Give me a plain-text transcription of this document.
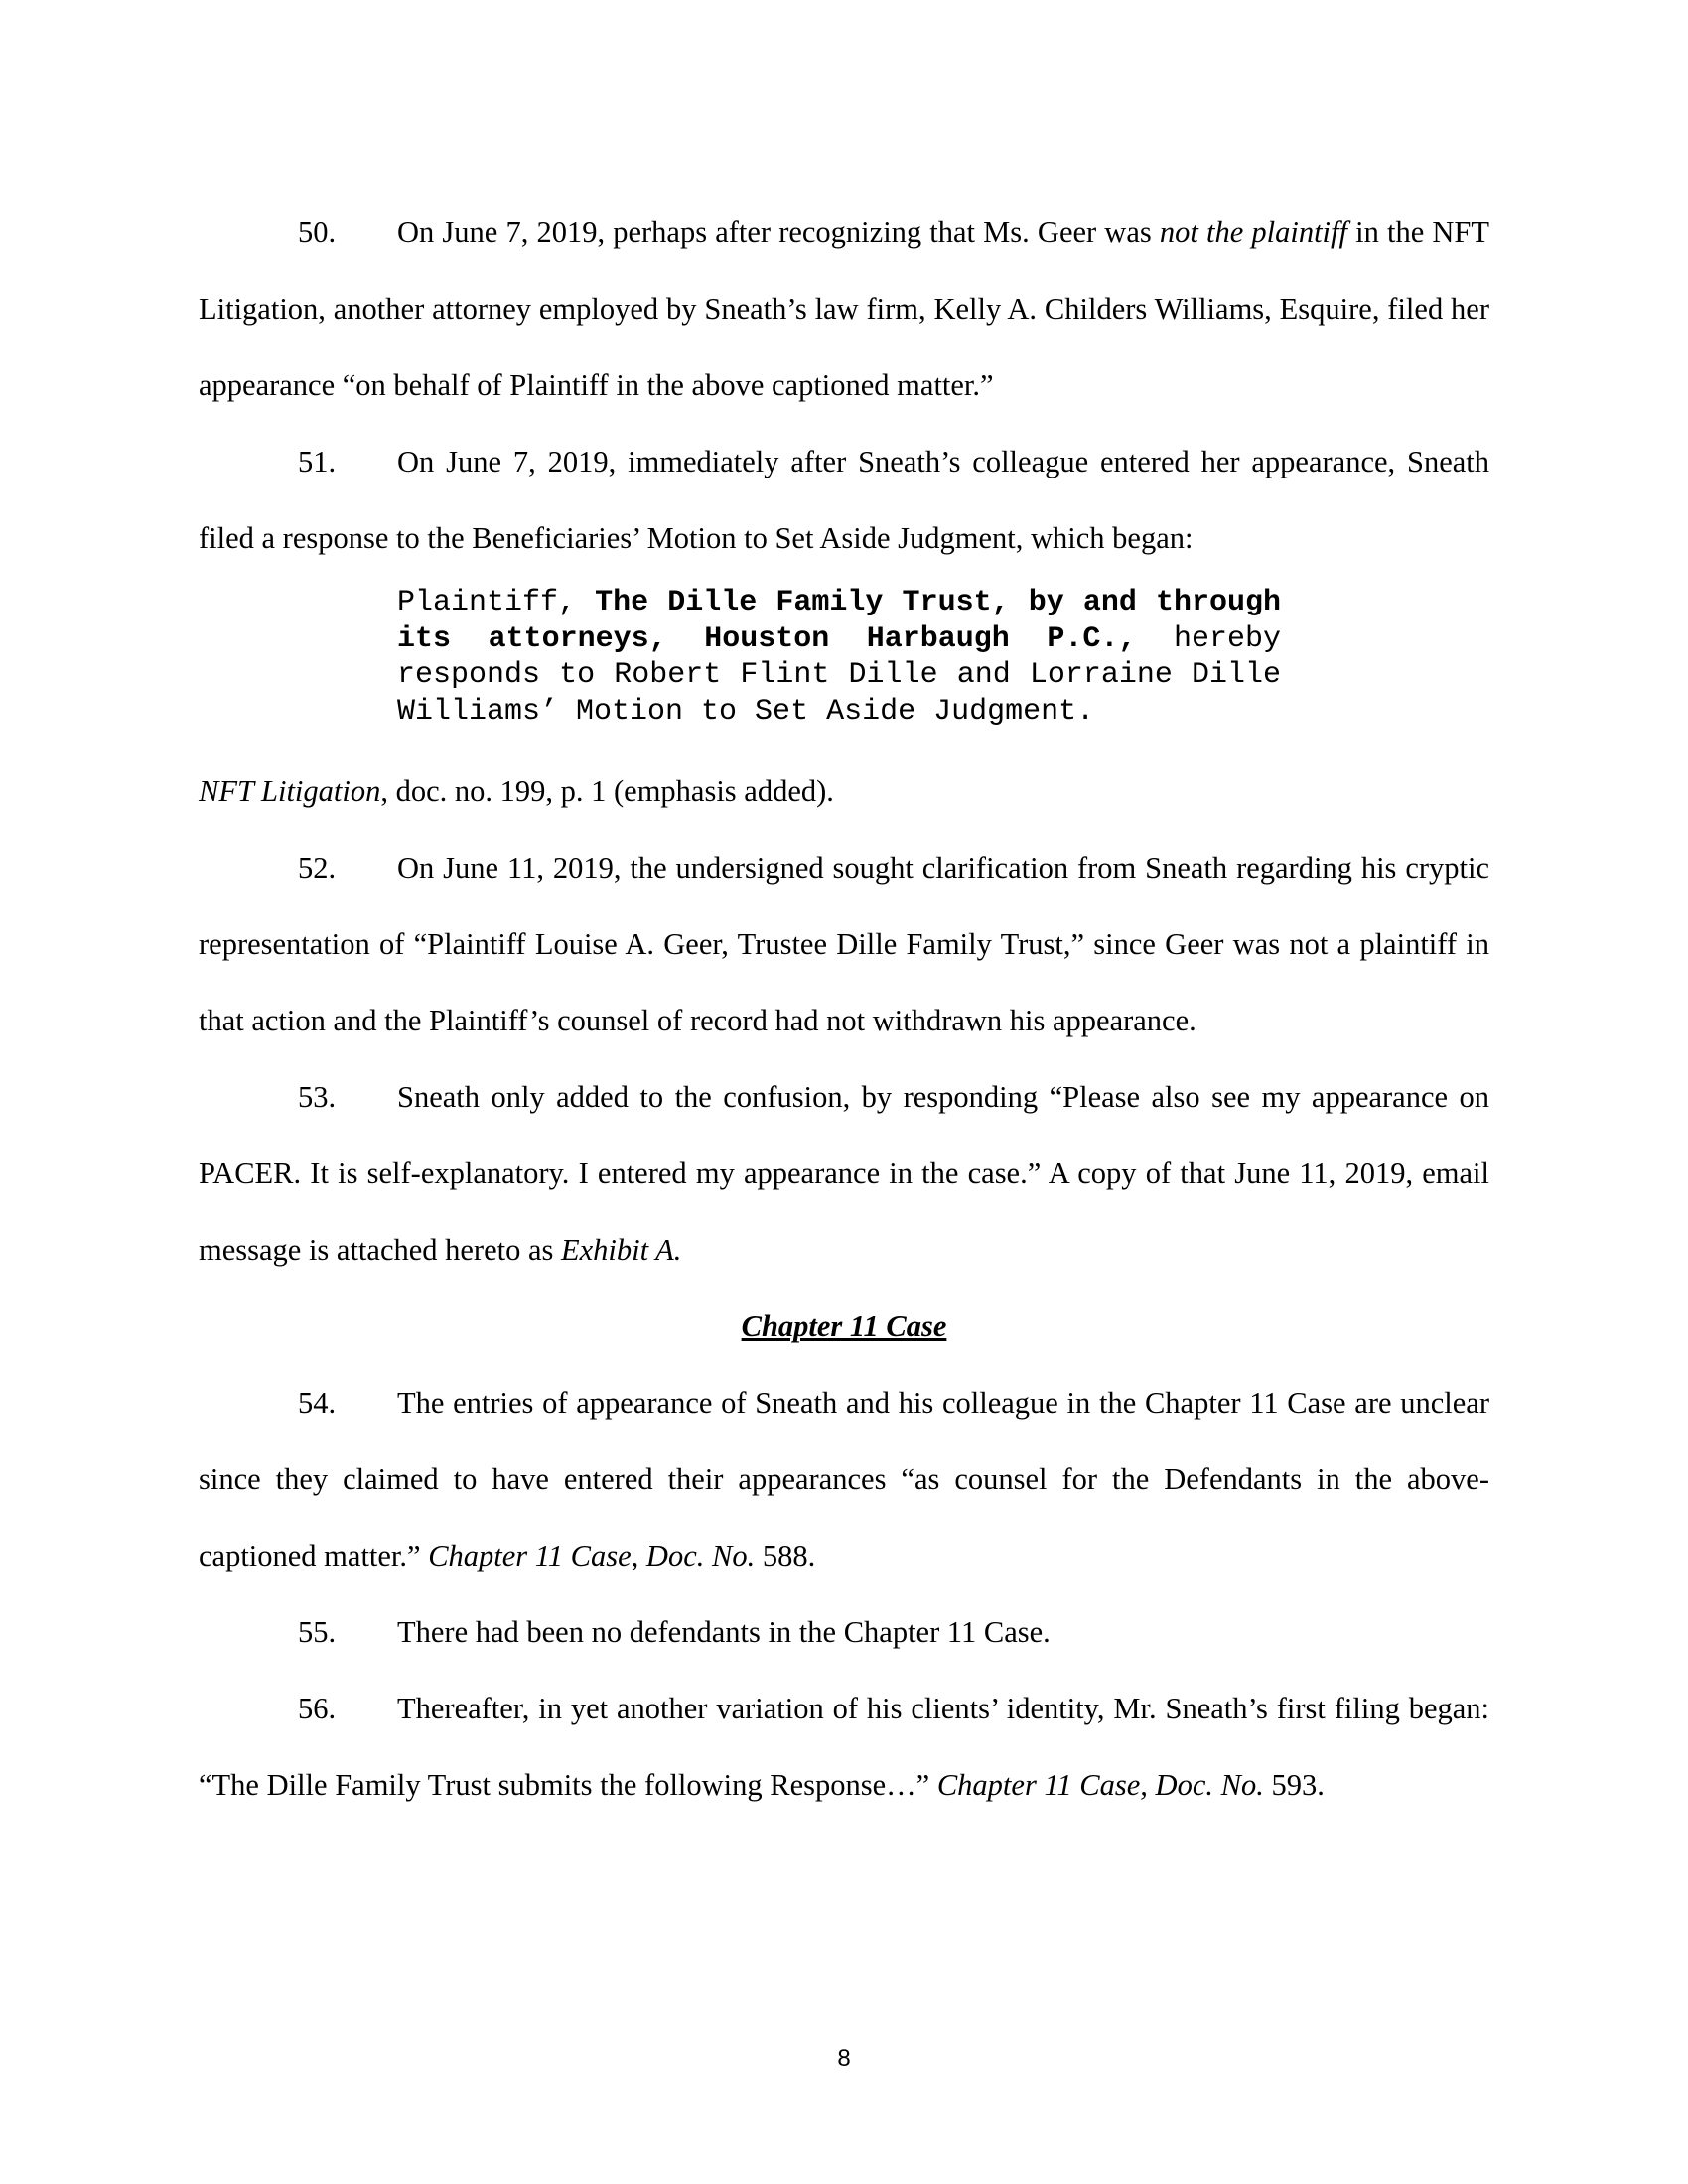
50. On June 7, 2019, perhaps after recognizing that Ms. Geer was not the plaintiff in the NFT Litigation, another attorney employed by Sneath’s law firm, Kelly A. Childers Williams, Esquire, filed her appearance “on behalf of Plaintiff in the above captioned matter.”

51. On June 7, 2019, immediately after Sneath’s colleague entered her appearance, Sneath filed a response to the Beneficiaries’ Motion to Set Aside Judgment, which began:

Plaintiff, The Dille Family Trust, by and through its attorneys, Houston Harbaugh P.C., hereby responds to Robert Flint Dille and Lorraine Dille Williams’ Motion to Set Aside Judgment.

NFT Litigation, doc. no. 199, p. 1 (emphasis added).

52. On June 11, 2019, the undersigned sought clarification from Sneath regarding his cryptic representation of “Plaintiff Louise A. Geer, Trustee Dille Family Trust,” since Geer was not a plaintiff in that action and the Plaintiff’s counsel of record had not withdrawn his appearance.

53. Sneath only added to the confusion, by responding “Please also see my appearance on PACER. It is self-explanatory. I entered my appearance in the case.” A copy of that June 11, 2019, email message is attached hereto as Exhibit A.

Chapter 11 Case

54. The entries of appearance of Sneath and his colleague in the Chapter 11 Case are unclear since they claimed to have entered their appearances “as counsel for the Defendants in the above-captioned matter.” Chapter 11 Case, Doc. No. 588.

55. There had been no defendants in the Chapter 11 Case.

56. Thereafter, in yet another variation of his clients’ identity, Mr. Sneath’s first filing began: “The Dille Family Trust submits the following Response…” Chapter 11 Case, Doc. No. 593.

8
